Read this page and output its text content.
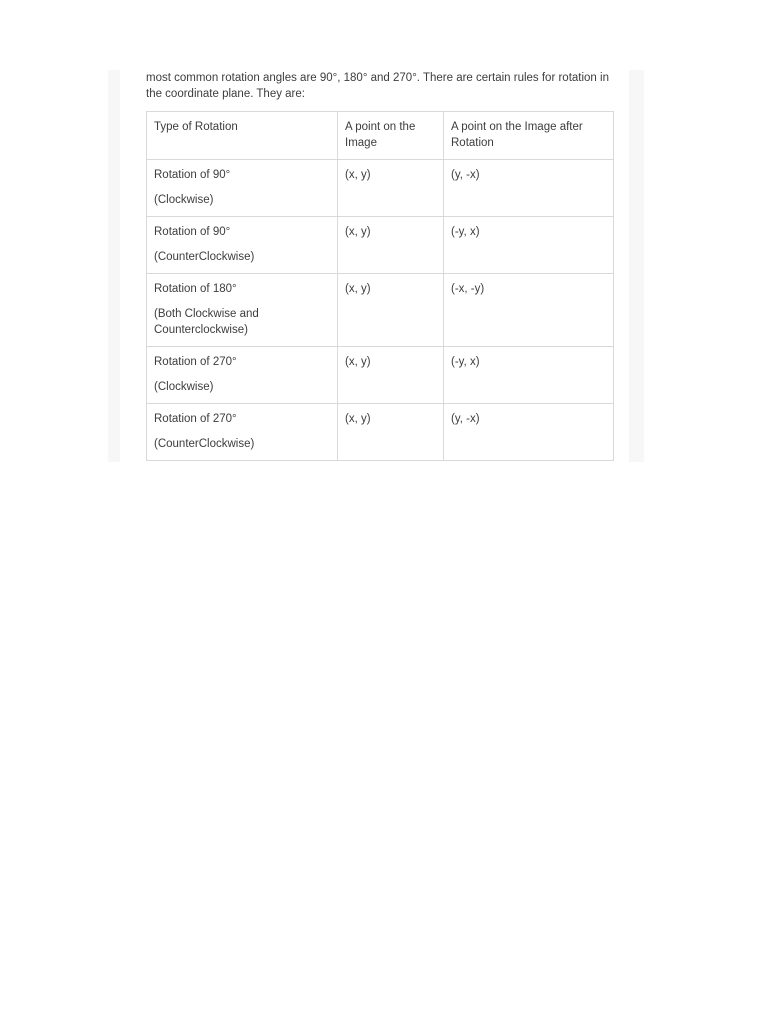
most common rotation angles are 90°, 180° and 270°. There are certain rules for rotation in
the coordinate plane. They are:

Type of Rotation	A point on the Image	A point on the Image after Rotation

Rotation of 90°
(Clockwise)	(x, y)	(y, -x)

Rotation of 90°
(CounterClockwise)	(x, y)	(-y, x)

Rotation of 180°
(Both Clockwise and Counterclockwise)	(x, y)	(-x, -y)

Rotation of 270°
(Clockwise)	(x, y)	(-y, x)

Rotation of 270°
(CounterClockwise)	(x, y)	(y, -x)
